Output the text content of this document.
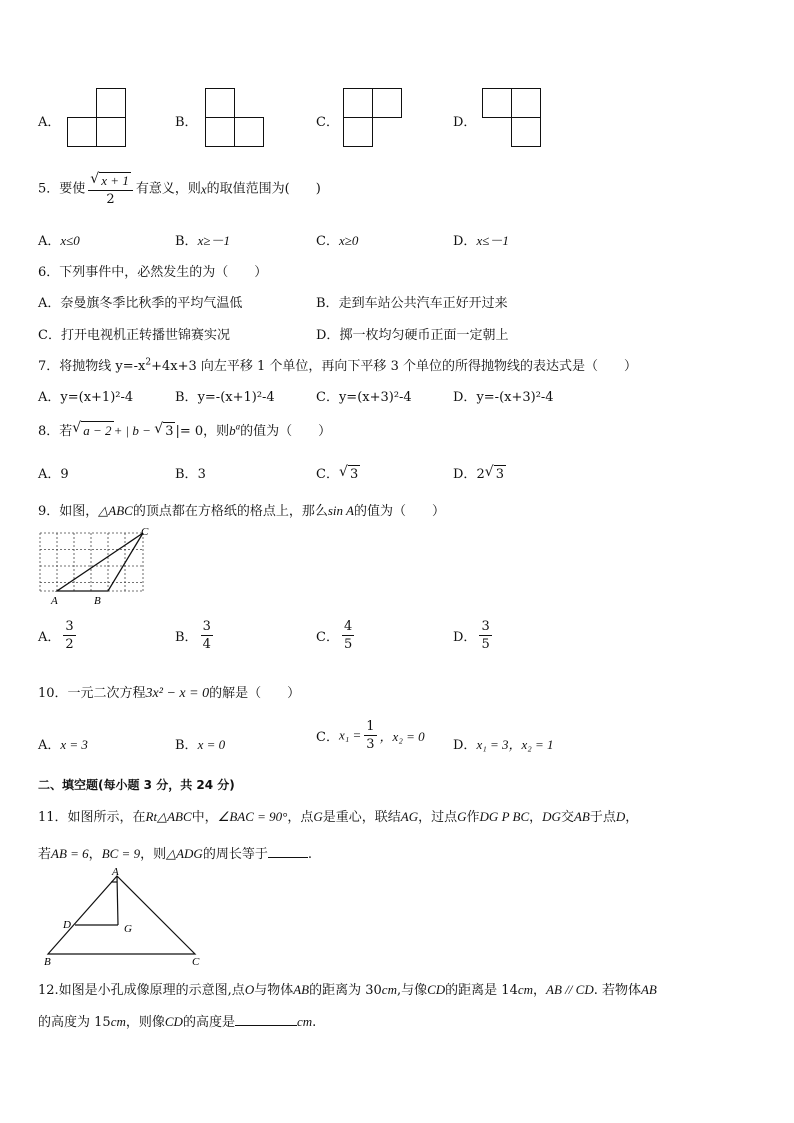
A．	B．	C．	D．
5．要使 $\frac{√ x + 1}{2}$ 有意义，则x的取值范围为(　　)
A．x≤0	B．x≥－1	C．x≥0	D．x≤－1
6．下列事件中，必然发生的为（　　）
A．奈曼旗冬季比秋季的平均气温低	B．走到车站公共汽车正好开过来
C．打开电视机正转播世锦赛实况	D．掷一枚均匀硬币正面一定朝上
7．将抛物线 $y=-x^2+4x+3$ 向左平移 1 个单位，再向下平移 3 个单位的所得抛物线的表达式是（　　）
A．y=(x+1)²-4	B．y=-(x+1)²-4	C．y=(x+3)²-4	D．y=-(x+3)²-4
8．若 √ a − 2 + | b − √ 3 |= 0，则$b^a$的值为（　　）
A．9	B．3	C． √ 3	D．2 √ 3
9．如图，△ABC的顶点都在方格纸的格点上，那么sin A的值为（　　）
A	B
C
A． $\frac{3}{2}$	B． $\frac{3}{4}$	C． $\frac{4}{5}$	D． $\frac{3}{5}$
10．一元二次方程3x² − x = 0的解是（　　）
A．x = 3	B．x = 0	C．$x_1 = \frac{1}{3}$ ，x₂ = 0
D．x₁ = 3，x₂ = 1
二、填空题(每小题 3 分，共 24 分)
11．如图所示，在Rt△ABC中，∠BAC = 90°，点G是重心，联结AG，过点G作DG P BC，DG交AB于点D，
若AB = 6，BC = 9，则△ADG的周长等于	.
A
B	C
D	G
12.如图是小孔成像原理的示意图,点O与物体AB的距离为 30cm,与像CD的距离是 14cm，AB // CD. 若物体AB
的高度为 15cm，则像CD的高度是	cm.
